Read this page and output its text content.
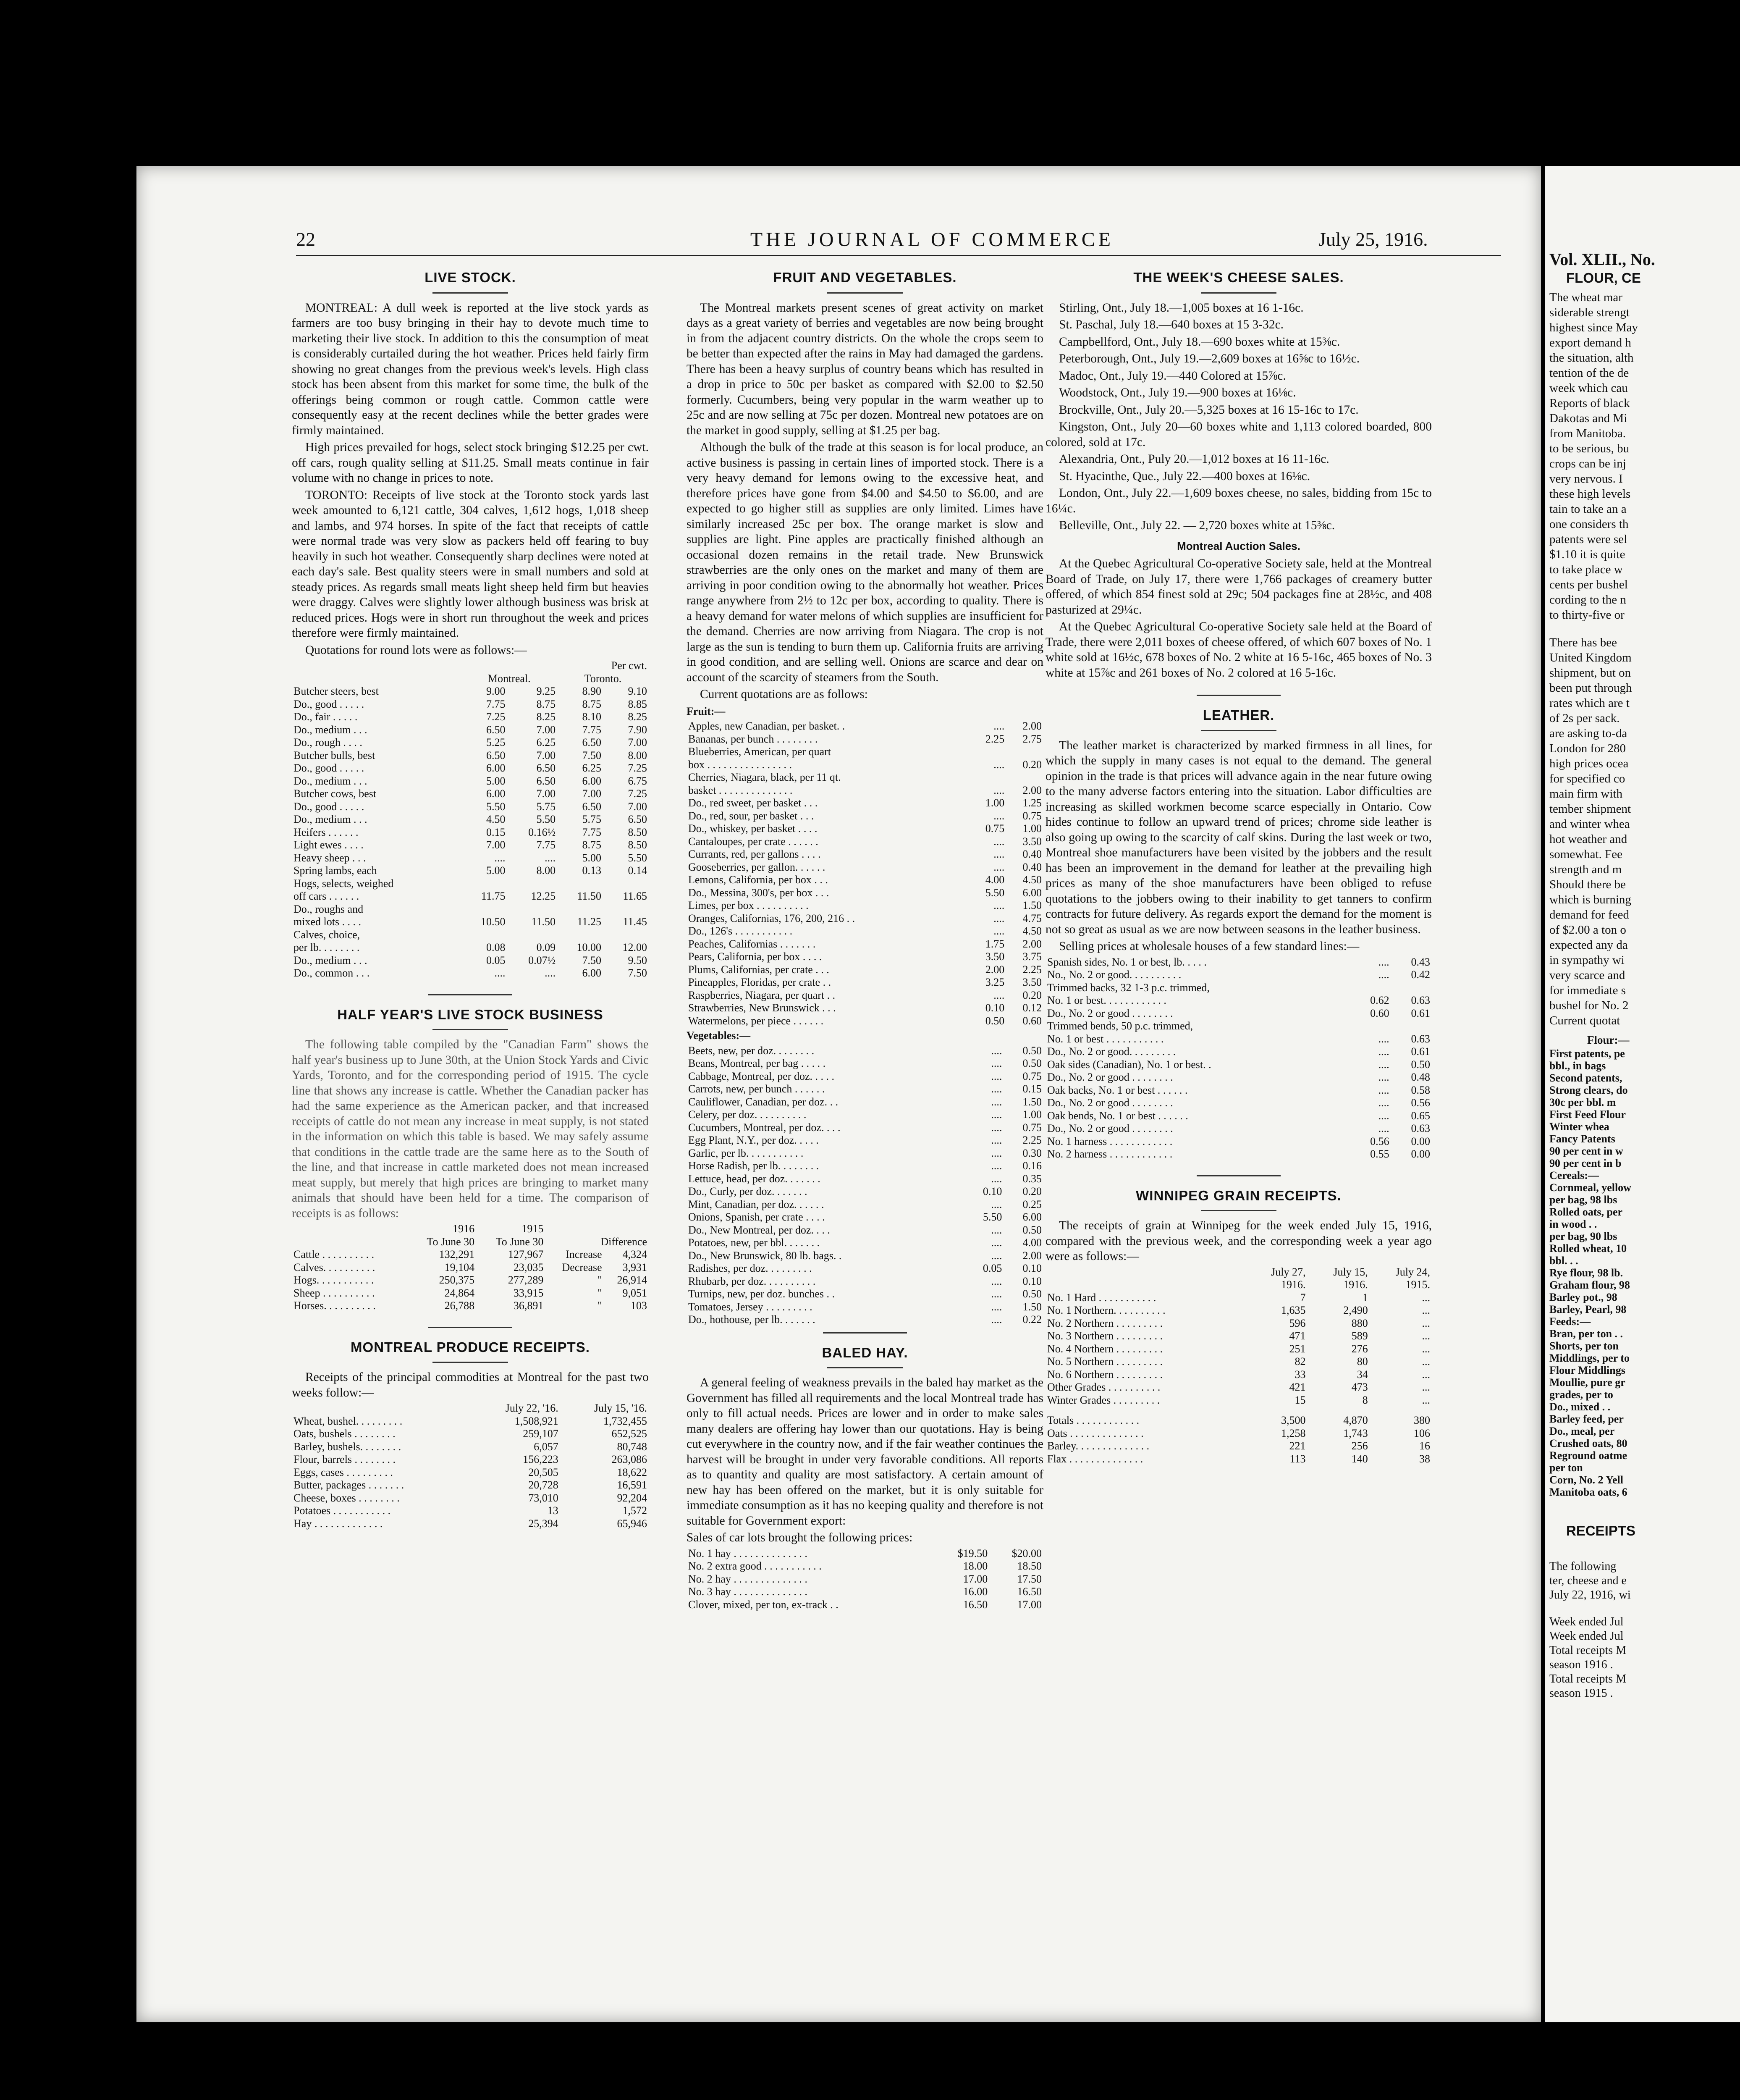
22	THE JOURNAL OF COMMERCE	July 25, 1916.
LIVE STOCK.

MONTREAL: A dull week is reported at the live stock yards as farmers are too busy bringing in their hay to devote much time to marketing their live stock. In addition to this the consumption of meat is considerably curtailed during the hot weather. Prices held fairly firm showing no great changes from the previous week's levels. High class stock has been absent from this market for some time, the bulk of the offerings being common or rough cattle. Common cattle were consequently easy at the recent declines while the better grades were firmly maintained.

High prices prevailed for hogs, select stock bringing $12.25 per cwt. off cars, rough quality selling at $11.25. Small meats continue in fair volume with no change in prices to note.

TORONTO: Receipts of live stock at the Toronto stock yards last week amounted to 6,121 cattle, 304 calves, 1,612 hogs, 1,018 sheep and lambs, and 974 horses. In spite of the fact that receipts of cattle were normal trade was very slow as packers held off fearing to buy heavily in such hot weather. Consequently sharp declines were noted at each day's sale. Best quality steers were in small numbers and sold at steady prices. As regards small meats light sheep held firm but heavies were draggy. Calves were slightly lower although business was brisk at reduced prices. Hogs were in short run throughout the week and prices therefore were firmly maintained.

Quotations for round lots were as follows:—

	Per cwt.			
	Montreal.		Toronto.	
Butcher steers, best	9.00	9.25	8.90	9.10
Do., good . . . . .	7.75	8.75	8.75	8.85
Do., fair . . . . .	7.25	8.25	8.10	8.25
Do., medium . . .	6.50	7.00	7.75	7.90
Do., rough . . . .	5.25	6.25	6.50	7.00
Butcher bulls, best	6.50	7.00	7.50	8.00
Do., good . . . . .	6.00	6.50	6.25	7.25
Do., medium . . .	5.00	6.50	6.00	6.75
Butcher cows, best	6.00	7.00	7.00	7.25
Do., good . . . . .	5.50	5.75	6.50	7.00
Do., medium . . .	4.50	5.50	5.75	6.50
Heifers . . . . . .	0.15	0.16½	7.75	8.50
Light ewes . . . .	7.00	7.75	8.75	8.50
Heavy sheep . . .	....	....	5.00	5.50
Spring lambs, each	5.00	8.00	0.13	0.14
Hogs, selects, weighed				
off cars . . . . . .	11.75	12.25	11.50	11.65
Do., roughs and				
mixed lots . . . .	10.50	11.50	11.25	11.45
Calves, choice,				
per lb. . . . . . . .	0.08	0.09	10.00	12.00
Do., medium . . .	0.05	0.07½	7.50	9.50
Do., common . . .	....	....	6.00	7.50
HALF YEAR'S LIVE STOCK BUSINESS

The following table compiled by the "Canadian Farm" shows the half year's business up to June 30th, at the Union Stock Yards and Civic Yards, Toronto, and for the corresponding period of 1915. The cycle line that shows any increase is cattle. Whether the Canadian packer has had the same experience as the American packer, and that increased receipts of cattle do not mean any increase in meat supply, is not stated in the information on which this table is based. We may safely assume that conditions in the cattle trade are the same here as to the South of the line, and that increase in cattle marketed does not mean increased meat supply, but merely that high prices are bringing to market many animals that should have been held for a time. The comparison of receipts is as follows:

	1916	1915		
	To June 30	To June 30	Difference	
Cattle . . . . . . . . . .	132,291	127,967	Increase	4,324
Calves. . . . . . . . . .	19,104	23,035	Decrease	3,931
Hogs. . . . . . . . . . .	250,375	277,289	"	26,914
Sheep . . . . . . . . . .	24,864	33,915	"	9,051
Horses. . . . . . . . . .	26,788	36,891	"	103
MONTREAL PRODUCE RECEIPTS.

Receipts of the principal commodities at Montreal for the past two weeks follow:—

	July 22, '16.	July 15, '16.
Wheat, bushel. . . . . . . . .	1,508,921	1,732,455
Oats, bushels . . . . . . . .	259,107	652,525
Barley, bushels. . . . . . . .	6,057	80,748
Flour, barrels . . . . . . . .	156,223	263,086
Eggs, cases . . . . . . . . .	20,505	18,622
Butter, packages . . . . . . .	20,728	16,591
Cheese, boxes . . . . . . . .	73,010	92,204
Potatoes . . . . . . . . . . .	13	1,572
Hay . . . . . . . . . . . . .	25,394	65,946
FRUIT AND VEGETABLES.

The Montreal markets present scenes of great activity on market days as a great variety of berries and vegetables are now being brought in from the adjacent country districts. On the whole the crops seem to be better than expected after the rains in May had damaged the gardens. There has been a heavy surplus of country beans which has resulted in a drop in price to 50c per basket as compared with $2.00 to $2.50 formerly. Cucumbers, being very popular in the warm weather up to 25c and are now selling at 75c per dozen. Montreal new potatoes are on the market in good supply, selling at $1.25 per bag.

Although the bulk of the trade at this season is for local produce, an active business is passing in certain lines of imported stock. There is a very heavy demand for lemons owing to the excessive heat, and therefore prices have gone from $4.00 and $4.50 to $6.00, and are expected to go higher still as supplies are only limited. Limes have similarly increased 25c per box. The orange market is slow and supplies are light. Pine apples are practically finished although an occasional dozen remains in the retail trade. New Brunswick strawberries are the only ones on the market and many of them are arriving in poor condition owing to the abnormally hot weather. Prices range anywhere from 2½ to 12c per box, according to quality. There is a heavy demand for water melons of which supplies are insufficient for the demand. Cherries are now arriving from Niagara. The crop is not large as the sun is tending to burn them up. California fruits are arriving in good condition, and are selling well. Onions are scarce and dear on account of the scarcity of steamers from the South.

Current quotations are as follows:

Fruit:—

Apples, new Canadian, per basket. .	....	2.00
Bananas, per bunch . . . . . . . .	2.25	2.75
Blueberries, American, per quart		
box . . . . . . . . . . . . . . . .	....	0.20
Cherries, Niagara, black, per 11 qt.		
basket . . . . . . . . . . . . . .	....	2.00
Do., red sweet, per basket . . .	1.00	1.25
Do., red, sour, per basket . . .	....	0.75
Do., whiskey, per basket . . . .	0.75	1.00
Cantaloupes, per crate . . . . . .	....	3.50
Currants, red, per gallons . . . .	....	0.40
Gooseberries, per gallon. . . . . .	....	0.40
Lemons, California, per box . . .	4.00	4.50
Do., Messina, 300's, per box . . .	5.50	6.00
Limes, per box . . . . . . . . . .	....	1.50
Oranges, Californias, 176, 200, 216 . .	....	4.75
Do., 126's . . . . . . . . . . .	....	4.50
Peaches, Californias . . . . . . .	1.75	2.00
Pears, California, per box . . . .	3.50	3.75
Plums, Californias, per crate . . .	2.00	2.25
Pineapples, Floridas, per crate . .	3.25	3.50
Raspberries, Niagara, per quart . .	....	0.20
Strawberries, New Brunswick . . .	0.10	0.12
Watermelons, per piece . . . . . .	0.50	0.60

Vegetables:—

Beets, new, per doz. . . . . . . .	....	0.50
Beans, Montreal, per bag . . . . .	....	0.50
Cabbage, Montreal, per doz. . . . .	....	0.75
Carrots, new, per bunch . . . . . .	....	0.15
Cauliflower, Canadian, per doz. . .	....	1.50
Celery, per doz. . . . . . . . . .	....	1.00
Cucumbers, Montreal, per doz. . . .	....	0.75
Egg Plant, N.Y., per doz. . . . .	....	2.25
Garlic, per lb. . . . . . . . . . .	....	0.30
Horse Radish, per lb. . . . . . . .	....	0.16
Lettuce, head, per doz. . . . . . .	....	0.35
Do., Curly, per doz. . . . . . .	0.10	0.20
Mint, Canadian, per doz. . . . . .	....	0.25
Onions, Spanish, per crate . . . .	5.50	6.00
Do., New Montreal, per doz. . . .	....	0.50
Potatoes, new, per bbl. . . . . . .	....	4.00
Do., New Brunswick, 80 lb. bags. .	....	2.00
Radishes, per doz. . . . . . . . .	0.05	0.10
Rhubarb, per doz. . . . . . . . . .	....	0.10
Turnips, new, per doz. bunches . .	....	0.50
Tomatoes, Jersey . . . . . . . . .	....	1.50
Do., hothouse, per lb. . . . . . .	....	0.22
BALED HAY.

A general feeling of weakness prevails in the baled hay market as the Government has filled all requirements and the local Montreal trade has only to fill actual needs. Prices are lower and in order to make sales many dealers are offering hay lower than our quotations. Hay is being cut everywhere in the country now, and if the fair weather continues the harvest will be brought in under very favorable conditions. All reports as to quantity and quality are most satisfactory. A certain amount of new hay has been offered on the market, but it is only suitable for immediate consumption as it has no keeping quality and therefore is not suitable for Government export:

Sales of car lots brought the following prices:

No. 1 hay . . . . . . . . . . . . . .	$19.50	$20.00
No. 2 extra good . . . . . . . . . . .	18.00	18.50
No. 2 hay . . . . . . . . . . . . . .	17.00	17.50
No. 3 hay . . . . . . . . . . . . . .	16.00	16.50
Clover, mixed, per ton, ex-track . .	16.50	17.00
THE WEEK'S CHEESE SALES.

Stirling, Ont., July 18.—1,005 boxes at 16 1-16c.

St. Paschal, July 18.—640 boxes at 15 3-32c.

Campbellford, Ont., July 18.—690 boxes white at 15⅜c.

Peterborough, Ont., July 19.—2,609 boxes at 16⅝c to 16½c.

Madoc, Ont., July 19.—440 Colored at 15⅞c.

Woodstock, Ont., July 19.—900 boxes at 16⅛c.

Brockville, Ont., July 20.—5,325 boxes at 16 15-16c to 17c.

Kingston, Ont., July 20—60 boxes white and 1,113 colored boarded, 800 colored, sold at 17c.

Alexandria, Ont., Puly 20.—1,012 boxes at 16 11-16c.

St. Hyacinthe, Que., July 22.—400 boxes at 16⅛c.

London, Ont., July 22.—1,609 boxes cheese, no sales, bidding from 15c to 16¼c.

Belleville, Ont., July 22. — 2,720 boxes white at 15⅜c.

Montreal Auction Sales.

At the Quebec Agricultural Co-operative Society sale, held at the Montreal Board of Trade, on July 17, there were 1,766 packages of creamery butter offered, of which 854 finest sold at 29c; 504 packages fine at 28½c, and 408 pasturized at 29¼c.

At the Quebec Agricultural Co-operative Society sale held at the Board of Trade, there were 2,011 boxes of cheese offered, of which 607 boxes of No. 1 white sold at 16½c, 678 boxes of No. 2 white at 16 5-16c, 465 boxes of No. 3 white at 15⅞c and 261 boxes of No. 2 colored at 16 5-16c.

LEATHER.

The leather market is characterized by marked firmness in all lines, for which the supply in many cases is not equal to the demand. The general opinion in the trade is that prices will advance again in the near future owing to the many adverse factors entering into the situation. Labor difficulties are increasing as skilled workmen become scarce especially in Ontario. Cow hides continue to follow an upward trend of prices; chrome side leather is also going up owing to the scarcity of calf skins. During the last week or two, Montreal shoe manufacturers have been visited by the jobbers and the result has been an improvement in the demand for leather at the prevailing high prices as many of the shoe manufacturers have been obliged to refuse quotations to the jobbers owing to their inability to get tanners to confirm contracts for future delivery. As regards export the demand for the moment is not so great as usual as we are now between seasons in the leather business.

Selling prices at wholesale houses of a few standard lines:—

Spanish sides, No. 1 or best, lb. . . . .	....	0.43
No., No. 2 or good. . . . . . . . . .	....	0.42
Trimmed backs, 32 1-3 p.c. trimmed,		
No. 1 or best. . . . . . . . . . . .	0.62	0.63
Do., No. 2 or good . . . . . . . .	0.60	0.61
Trimmed bends, 50 p.c. trimmed,		
No. 1 or best . . . . . . . . . . .	....	0.63
Do., No. 2 or good. . . . . . . . .	....	0.61
Oak sides (Canadian), No. 1 or best. .	....	0.50
Do., No. 2 or good . . . . . . . .	....	0.48
Oak backs, No. 1 or best . . . . . .	....	0.58
Do., No. 2 or good . . . . . . . .	....	0.56
Oak bends, No. 1 or best . . . . . .	....	0.65
Do., No. 2 or good . . . . . . . .	....	0.63
No. 1 harness . . . . . . . . . . . .	0.56	0.00
No. 2 harness . . . . . . . . . . . .	0.55	0.00
WINNIPEG GRAIN RECEIPTS.

The receipts of grain at Winnipeg for the week ended July 15, 1916, compared with the previous week, and the corresponding week a year ago were as follows:—

	July 27,	July 15,	July 24,
	1916.	1916.	1915.
No. 1 Hard . . . . . . . . . . .	7	1	...
No. 1 Northern. . . . . . . . . .	1,635	2,490	...
No. 2 Northern . . . . . . . . .	596	880	...
No. 3 Northern . . . . . . . . .	471	589	...
No. 4 Northern . . . . . . . . .	251	276	...
No. 5 Northern . . . . . . . . .	82	80	...
No. 6 Northern . . . . . . . . .	33	34	...
Other Grades . . . . . . . . . .	421	473	...
Winter Grades . . . . . . . . .	15	8	...

Totals . . . . . . . . . . . .	3,500	4,870	380
Oats . . . . . . . . . . . . . .	1,258	1,743	106
Barley. . . . . . . . . . . . . .	221	256	16
Flax . . . . . . . . . . . . . .	113	140	38
Vol. XLII., No.
FLOUR, CE
The wheat mar
siderable strengt
highest since May
export demand h
the situation, alth
tention of the de
week which cau
Reports of black
Dakotas and Mi
from Manitoba.
to be serious, bu
crops can be inj
very nervous. I
these high levels
tain to take an a
one considers th
patents were sel
$1.10 it is quite
to take place w
cents per bushel
cording to the n
to thirty-five or
There has bee
United Kingdom
shipment, but on
been put through
rates which are t
of 2s per sack.
are asking to-da
London for 280
high prices ocea
for specified co
main firm with
tember shipment
and winter whea
hot weather and
somewhat. Fee
strength and m
Should there be
which is burning
demand for feed
of $2.00 a ton o
expected any da
in sympathy wi
very scarce and
for immediate s
bushel for No. 2
Current quotat
Flour:—
First patents, pe
bbl., in bags
Second patents,
Strong clears, do
30c per bbl. m
First Feed Flour
Winter whea
Fancy Patents
90 per cent in w
90 per cent in b
Cereals:—
Cornmeal, yellow
per bag, 98 lbs
Rolled oats, per
in wood . .
per bag, 90 lbs
Rolled wheat, 10
bbl. . .
Rye flour, 98 lb.
Graham flour, 98
Barley pot., 98
Barley, Pearl, 98
Feeds:—
Bran, per ton . .
Shorts, per ton
Middlings, per to
Flour Middlings
Moullie, pure gr
grades, per to
Do., mixed . .
Barley feed, per
Do., meal, per
Crushed oats, 80
Reground oatme
per ton
Corn, No. 2 Yell
Manitoba oats, 6
RECEIPTS
The following
ter, cheese and e
July 22, 1916, wi
Week ended Jul
Week ended Jul
Total receipts M
season 1916 .
Total receipts M
season 1915 .
